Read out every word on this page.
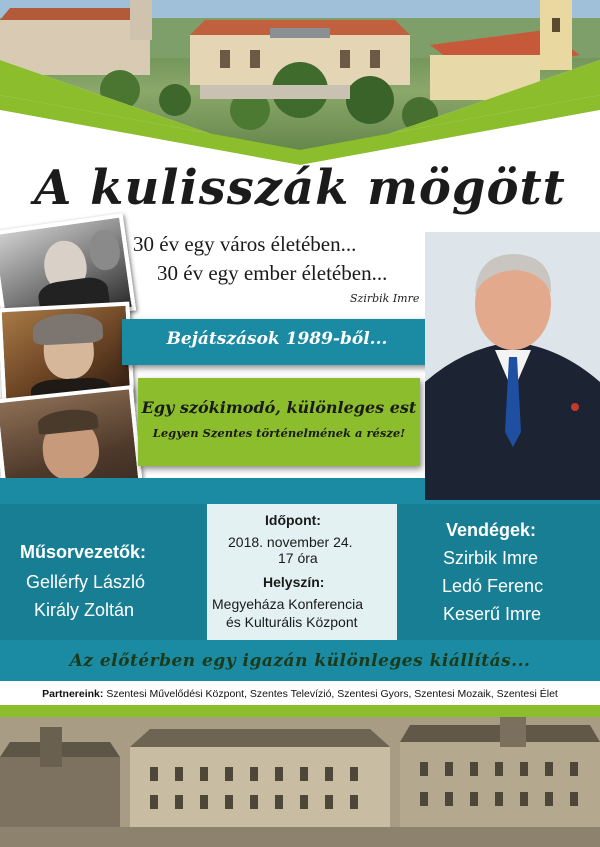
A kulisszák mögött
30 év egy város életében...
30 év egy ember életében...
Szirbik Imre
Bejátszások 1989-ből...
Egy szókimodó, különleges est
Legyen Szentes történelmének a része!
Műsorvezetők:
Gellérfy László
Király Zoltán
Időpont:
2018. november 24.
17 óra
Helyszín:
Megyeháza Konferencia
és Kulturális Központ
Vendégek:
Szirbik Imre
Ledó Ferenc
Keserű Imre
Az előtérben egy igazán különleges kiállítás...
Partnereink: Szentesi Művelődési Központ, Szentes Televízió, Szentesi Gyors, Szentesi Mozaik, Szentesi Élet
